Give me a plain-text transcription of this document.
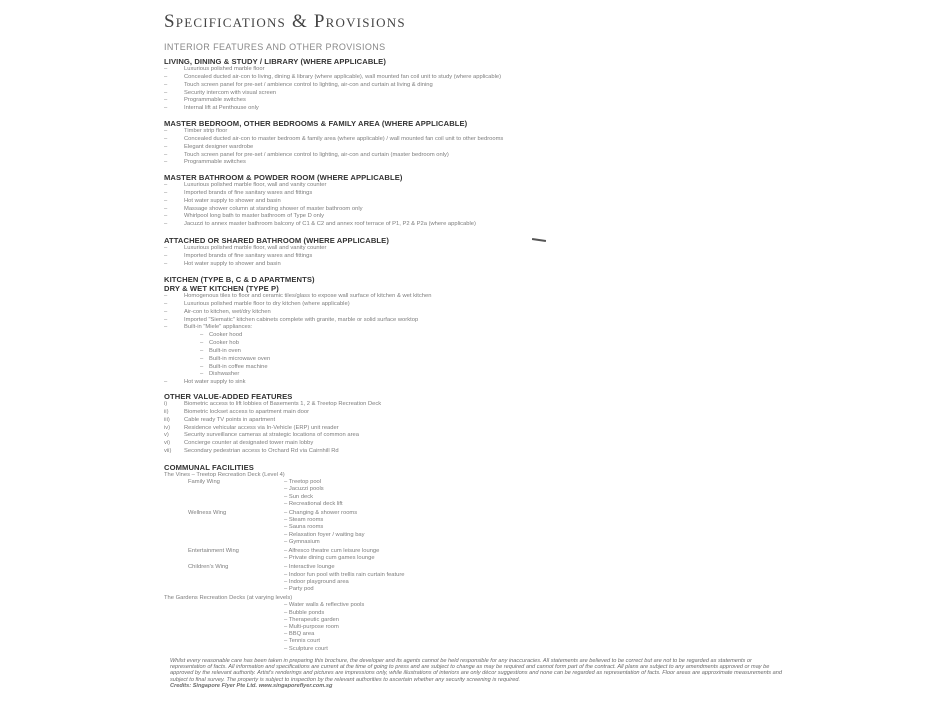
Specifications & Provisions
INTERIOR FEATURES AND OTHER PROVISIONS
LIVING, DINING & STUDY / LIBRARY (WHERE APPLICABLE)
–	Luxurious polished marble floor
–	Concealed ducted air-con to living, dining & library (where applicable), wall mounted fan coil unit to study (where applicable)
–	Touch screen panel for pre-set / ambience control to lighting, air-con and curtain at living & dining
–	Security intercom with visual screen
–	Programmable switches
–	Internal lift at Penthouse only
MASTER BEDROOM, OTHER BEDROOMS & FAMILY AREA (WHERE APPLICABLE)
–	Timber strip floor
–	Concealed ducted air-con to master bedroom & family area (where applicable) / wall mounted fan coil unit to other bedrooms
–	Elegant designer wardrobe
–	Touch screen panel for pre-set / ambience control to lighting, air-con and curtain (master bedroom only)
–	Programmable switches
MASTER BATHROOM & POWDER ROOM (WHERE APPLICABLE)
–	Luxurious polished marble floor, wall and vanity counter
–	Imported brands of fine sanitary wares and fittings
–	Hot water supply to shower and basin
–	Massage shower column at standing shower of master bathroom only
–	Whirlpool long bath to master bathroom of Type D only
–	Jacuzzi to annex master bathroom balcony of C1 & C2 and annex roof terrace of P1, P2 & P2a (where applicable)
ATTACHED OR SHARED BATHROOM (WHERE APPLICABLE)
–	Luxurious polished marble floor, wall and vanity counter
–	Imported brands of fine sanitary wares and fittings
–	Hot water supply to shower and basin
KITCHEN (TYPE B, C & D APARTMENTS)
DRY & WET KITCHEN (TYPE P)
–	Homogenous tiles to floor and ceramic tiles/glass to expose wall surface of kitchen & wet kitchen
–	Luxurious polished marble floor to dry kitchen (where applicable)
–	Air-con to kitchen, wet/dry kitchen
–	Imported "Siematic" kitchen cabinets complete with granite, marble or solid surface worktop
–	Built-in "Miele" appliances:
– Cooker hood
– Cooker hob
– Built-in oven
– Built-in microwave oven
– Built-in coffee machine
– Dishwasher
–	Hot water supply to sink
OTHER VALUE-ADDED FEATURES
i)	Biometric access to lift lobbies of Basements 1, 2 & Treetop Recreation Deck
ii)	Biometric lockset access to apartment main door
iii) Cable ready TV points in apartment
iv) Residence vehicular access via In-Vehicle (ERP) unit reader
v)	Security surveillance cameras at strategic locations of common area
vi) Concierge counter at designated tower main lobby
vii) Secondary pedestrian access to Orchard Rd via Cairnhill Rd
COMMUNAL FACILITIES
The Vines – Treetop Recreation Deck (Level 4)
Family Wing	– Treetop pool
– Jacuzzi pools
– Sun deck
– Recreational deck lift
Wellness Wing	– Changing & shower rooms
– Steam rooms
– Sauna rooms
– Relaxation foyer / waiting bay
– Gymnasium
Entertainment Wing	– Alfresco theatre cum leisure lounge
– Private dining cum games lounge
Children's Wing	– Interactive lounge
– Indoor fun pool with trellis rain curtain feature
– Indoor playground area
– Party pod
The Gardens Recreation Decks (at varying levels)
– Water walls & reflective pools
– Bubble ponds
– Therapeutic garden
– Multi-purpose room
– BBQ area
– Tennis court
– Sculpture court
Whilst every reasonable care has been taken in preparing this brochure, the developer and its agents cannot be held responsible for any inaccuracies. All statements are believed to be correct but are not to be regarded as statements or representation of facts. All information and specifications are current at the time of going to press and are subject to change as may be required and cannot form part of the contract. All plans are subject to any amendments approved or may be approved by the relevant authority. Artist's renderings and pictures are impressions only, while illustrations of interiors are only décor suggestions and none can be regarded as representation of facts. Floor areas are approximate measurements and subject to final survey. The property is subject to inspection by the relevant authorities to ascertain whether any security screening is required.
Credits: Singapore Flyer Pte Ltd. www.singaporeflyer.com.sg
